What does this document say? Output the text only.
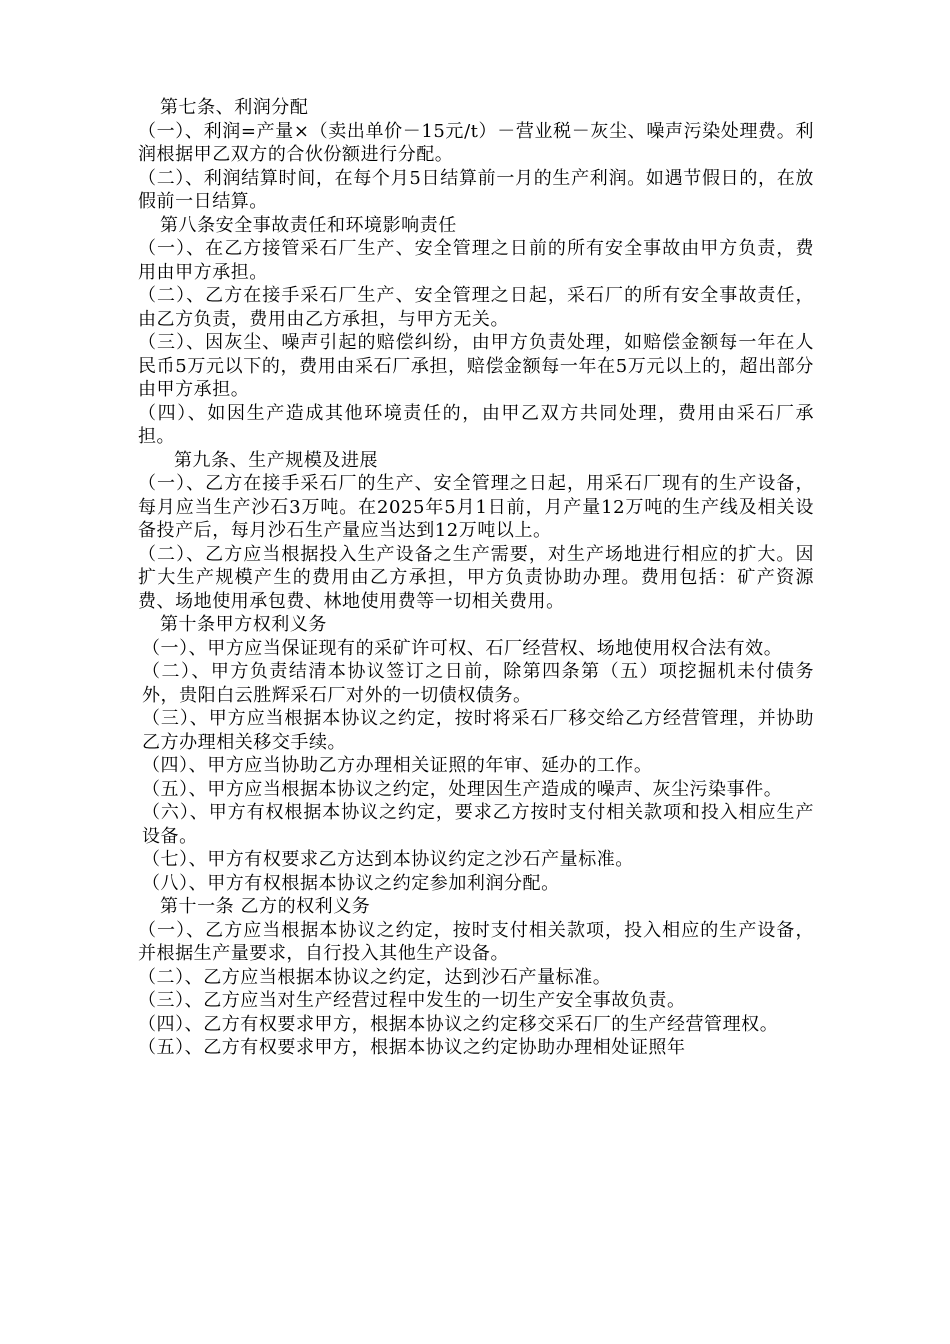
第七条、利润分配

（一）、利润=产量×（卖出单价－15元/t）－营业税－灰尘、噪声污染处理费。利润根据甲乙双方的合伙份额进行分配。

（二）、利润结算时间，在每个月5日结算前一月的生产利润。如遇节假日的，在放假前一日结算。

第八条安全事故责任和环境影响责任

（一）、在乙方接管采石厂生产、安全管理之日前的所有安全事故由甲方负责，费用由甲方承担。

（二）、乙方在接手采石厂生产、安全管理之日起，采石厂的所有安全事故责任，由乙方负责，费用由乙方承担，与甲方无关。

（三）、因灰尘、噪声引起的赔偿纠纷，由甲方负责处理，如赔偿金额每一年在人民币5万元以下的，费用由采石厂承担，赔偿金额每一年在5万元以上的，超出部分由甲方承担。

（四）、如因生产造成其他环境责任的，由甲乙双方共同处理，费用由采石厂承担。

第九条、生产规模及进展

（一）、乙方在接手采石厂的生产、安全管理之日起，用采石厂现有的生产设备，每月应当生产沙石3万吨。在2025年5月1日前，月产量12万吨的生产线及相关设备投产后，每月沙石生产量应当达到12万吨以上。

（二）、乙方应当根据投入生产设备之生产需要，对生产场地进行相应的扩大。因扩大生产规模产生的费用由乙方承担，甲方负责协助办理。费用包括：矿产资源费、场地使用承包费、林地使用费等一切相关费用。

第十条甲方权利义务

（一）、甲方应当保证现有的采矿许可权、石厂经营权、场地使用权合法有效。

（二）、甲方负责结清本协议签订之日前，除第四条第（五）项挖掘机未付债务外，贵阳白云胜辉采石厂对外的一切债权债务。

（三）、甲方应当根据本协议之约定，按时将采石厂移交给乙方经营管理，并协助乙方办理相关移交手续。

（四）、甲方应当协助乙方办理相关证照的年审、延办的工作。

（五）、甲方应当根据本协议之约定，处理因生产造成的噪声、灰尘污染事件。

（六）、甲方有权根据本协议之约定，要求乙方按时支付相关款项和投入相应生产设备。

（七）、甲方有权要求乙方达到本协议约定之沙石产量标准。

（八）、甲方有权根据本协议之约定参加利润分配。

第十一条 乙方的权利义务

（一）、乙方应当根据本协议之约定，按时支付相关款项，投入相应的生产设备，并根据生产量要求，自行投入其他生产设备。

（二）、乙方应当根据本协议之约定，达到沙石产量标准。

（三）、乙方应当对生产经营过程中发生的一切生产安全事故负责。

（四）、乙方有权要求甲方，根据本协议之约定移交采石厂的生产经营管理权。

（五）、乙方有权要求甲方，根据本协议之约定协助办理相处证照年
